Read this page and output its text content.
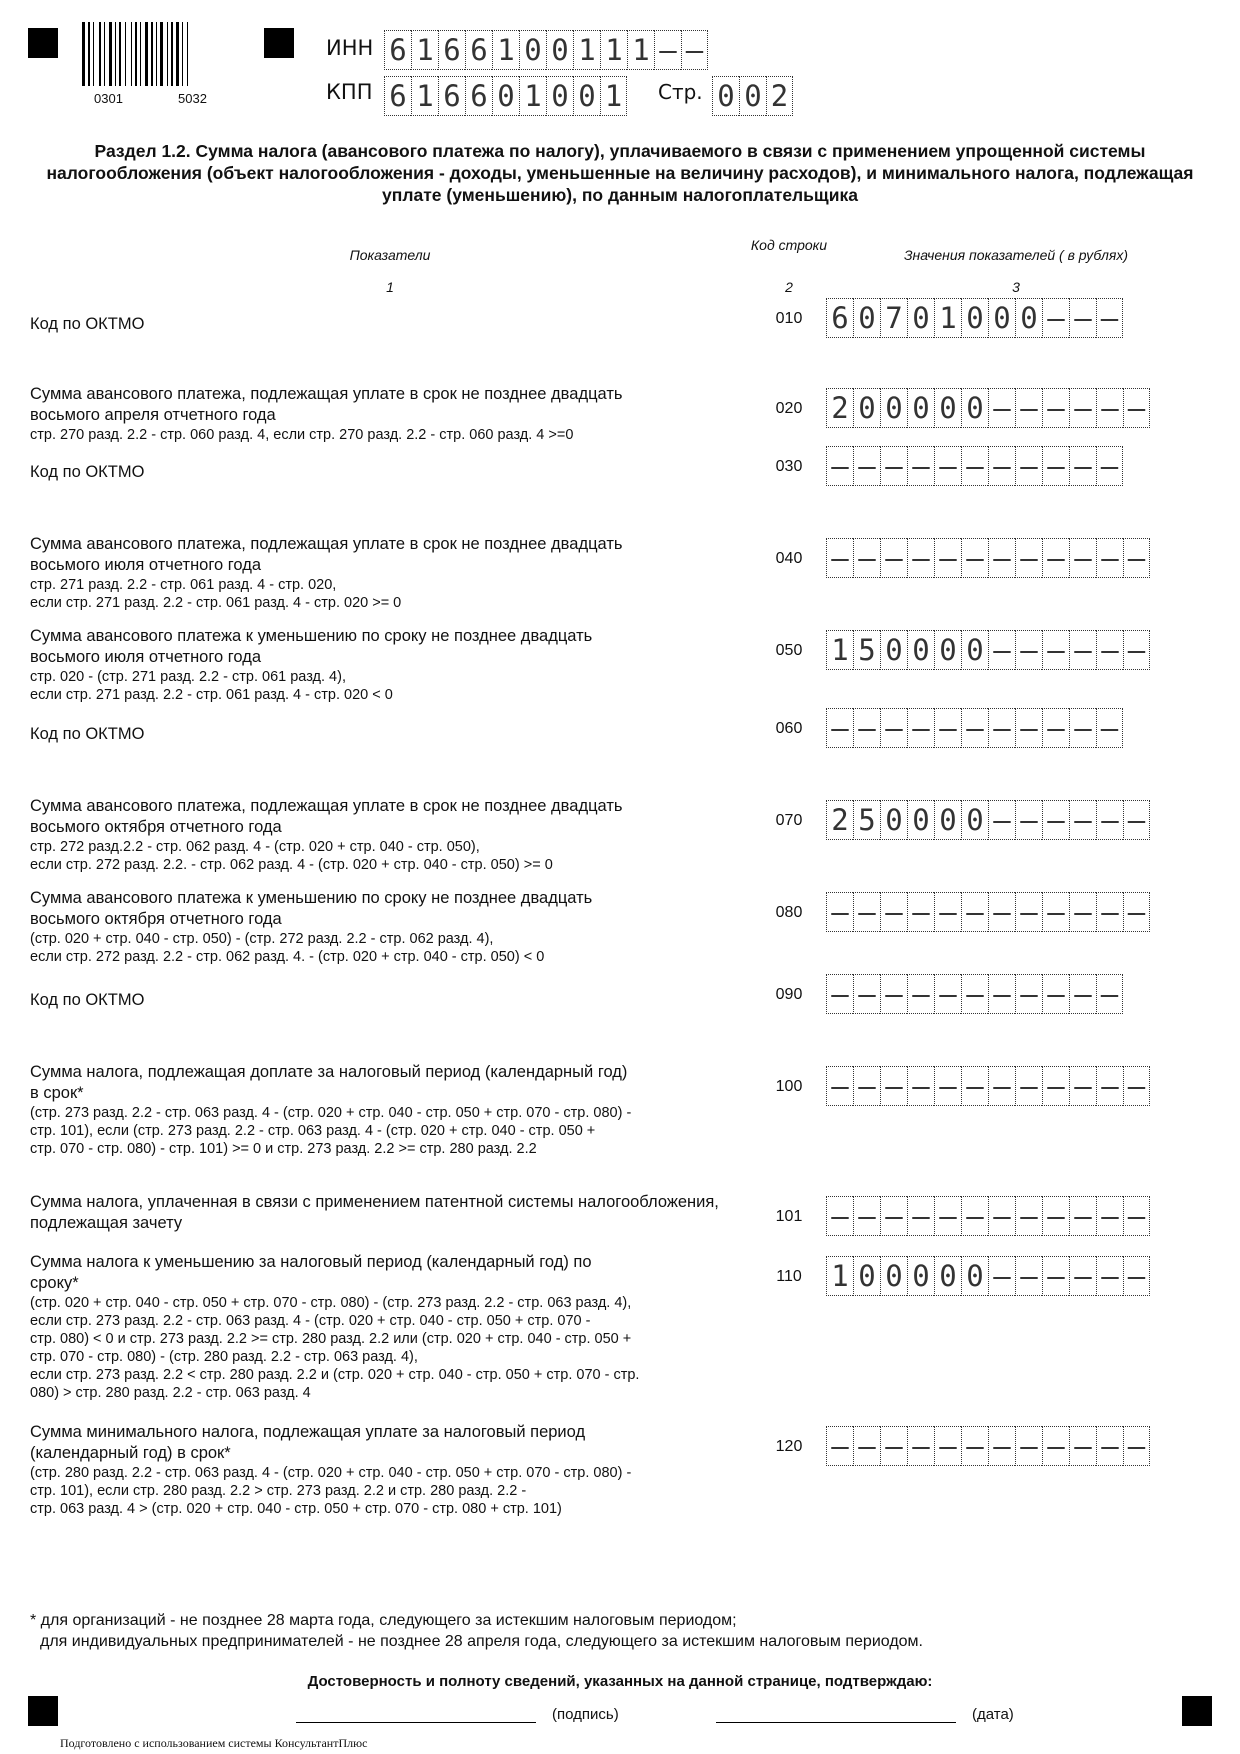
0301	5032
ИНН 6 1 6 6 1 0 0 1 1 1 – –
КПП 6 1 6 6 0 1 0 0 1 Стр. 0 0 2
Раздел 1.2. Сумма налога (авансового платежа по налогу), уплачиваемого в связи с применением упрощенной системы налогообложения (объект налогообложения - доходы, уменьшенные на величину расходов), и минимального налога, подлежащая уплате (уменьшению), по данным налогоплательщика
Показатели
Код строки
Значения показателей ( в рублях)
1	2	3
Код по ОКТМО	010 6 0 7 0 1 0 0 0 – – –
Сумма авансового платежа, подлежащая уплате в срок не позднее двадцать восьмого апреля отчетного года
стр. 270 разд. 2.2 - стр. 060 разд. 4, если стр. 270 разд. 2.2 - стр. 060 разд. 4 >=0
020 2 0 0 0 0 0 – – – – – –
Код по ОКТМО	030 – – – – – – – – – – –
Сумма авансового платежа, подлежащая уплате в срок не позднее двадцать восьмого июля отчетного года
стр. 271 разд. 2.2 - стр. 061 разд. 4 - стр. 020,
если стр. 271 разд. 2.2 - стр. 061 разд. 4 - стр. 020 >= 0
040 – – – – – – – – – – – –
Сумма авансового платежа к уменьшению по сроку не позднее двадцать восьмого июля отчетного года
стр. 020 - (стр. 271 разд. 2.2 - стр. 061 разд. 4),
если стр. 271 разд. 2.2 - стр. 061 разд. 4 - стр. 020 < 0
050 1 5 0 0 0 0 – – – – – –
Код по ОКТМО	060 – – – – – – – – – – –
Сумма авансового платежа, подлежащая уплате в срок не позднее двадцать восьмого октября отчетного года
стр. 272 разд.2.2 - стр. 062 разд. 4 - (стр. 020 + стр. 040 - стр. 050),
если стр. 272 разд. 2.2. - стр. 062 разд. 4 - (стр. 020 + стр. 040 - стр. 050) >= 0
070 2 5 0 0 0 0 – – – – – –
Сумма авансового платежа к уменьшению по сроку не позднее двадцать восьмого октября отчетного года
(стр. 020 + стр. 040 - стр. 050) - (стр. 272 разд. 2.2 - стр. 062 разд. 4),
если стр. 272 разд. 2.2 - стр. 062 разд. 4. - (стр. 020 + стр. 040 - стр. 050) < 0
080 – – – – – – – – – – – –
Код по ОКТМО	090 – – – – – – – – – – –
Сумма налога, подлежащая доплате за налоговый период (календарный год) в срок*
(стр. 273 разд. 2.2 - стр. 063 разд. 4 - (стр. 020 + стр. 040 - стр. 050 + стр. 070 - стр. 080) -
стр. 101), если (стр. 273 разд. 2.2 - стр. 063 разд. 4 - (стр. 020 + стр. 040 - стр. 050 +
стр. 070 - стр. 080) - стр. 101) >= 0 и стр. 273 разд. 2.2 >= стр. 280 разд. 2.2
100 – – – – – – – – – – – –
Сумма налога, уплаченная в связи с применением патентной системы налогообложения, подлежащая зачету	101 – – – – – – – – – – – –
Сумма налога к уменьшению за налоговый период (календарный год) по сроку*
(стр. 020 + стр. 040 - стр. 050 + стр. 070 - стр. 080) - (стр. 273 разд. 2.2 - стр. 063 разд. 4),
если стр. 273 разд. 2.2 - стр. 063 разд. 4 - (стр. 020 + стр. 040 - стр. 050 + стр. 070 -
стр. 080) < 0 и стр. 273 разд. 2.2 >= стр. 280 разд. 2.2 или (стр. 020 + стр. 040 - стр. 050 +
стр. 070 - стр. 080) - (стр. 280 разд. 2.2 - стр. 063 разд. 4),
если стр. 273 разд. 2.2 < стр. 280 разд. 2.2 и (стр. 020 + стр. 040 - стр. 050 + стр. 070 - стр.
080) > стр. 280 разд. 2.2 - стр. 063 разд. 4
110 1 0 0 0 0 0 – – – – – –
Сумма минимального налога, подлежащая уплате за налоговый период (календарный год) в срок*
(стр. 280 разд. 2.2 - стр. 063 разд. 4 - (стр. 020 + стр. 040 - стр. 050 + стр. 070 - стр. 080) -
стр. 101), если стр. 280 разд. 2.2 > стр. 273 разд. 2.2 и стр. 280 разд. 2.2 -
стр. 063 разд. 4 > (стр. 020 + стр. 040 - стр. 050 + стр. 070 - стр. 080 + стр. 101)
120 – – – – – – – – – – – –
* для организаций - не позднее 28 марта года, следующего за истекшим налоговым периодом;
для индивидуальных предпринимателей - не позднее 28 апреля года, следующего за истекшим налоговым периодом.
Достоверность и полноту сведений, указанных на данной странице, подтверждаю:
(подпись)	(дата)
Подготовлено с использованием системы КонсультантПлюс
